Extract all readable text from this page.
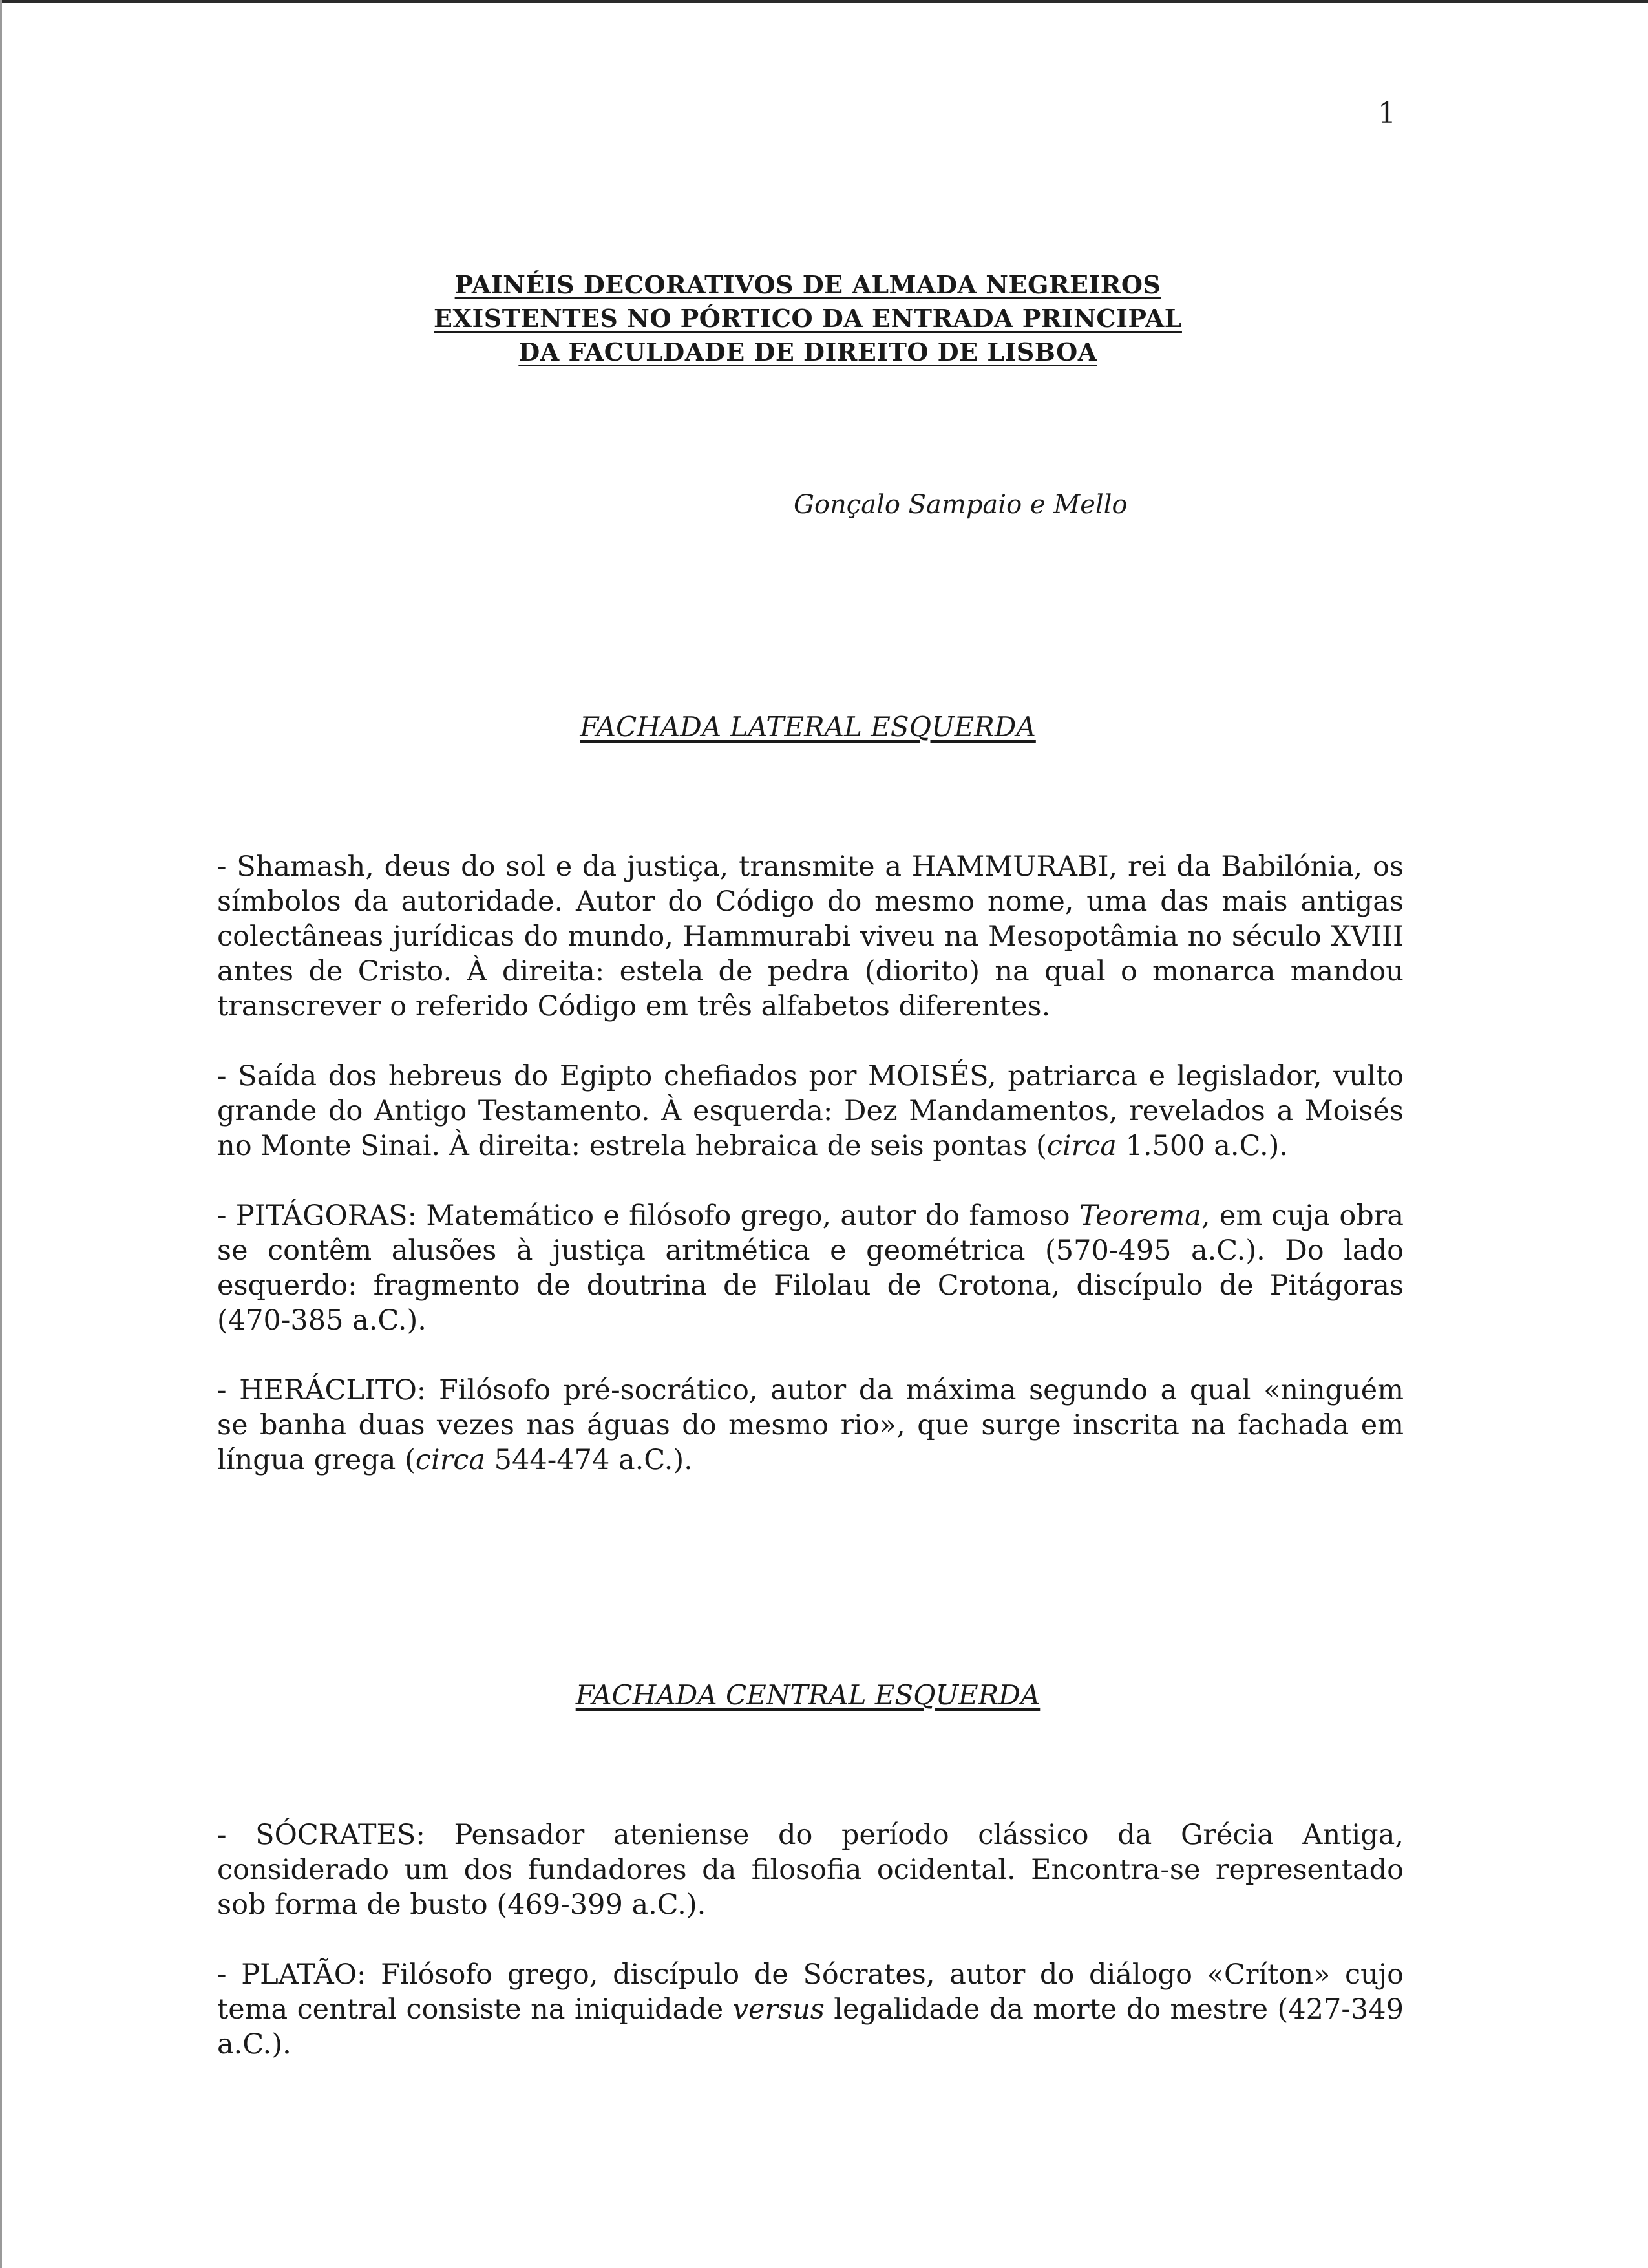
1
PAINÉIS DECORATIVOS DE ALMADA NEGREIROS
EXISTENTES NO PÓRTICO DA ENTRADA PRINCIPAL
DA FACULDADE DE DIREITO DE LISBOA
Gonçalo Sampaio e Mello
FACHADA LATERAL ESQUERDA

- Shamash, deus do sol e da justiça, transmite a HAMMURABI, rei da Babilónia, os símbolos da autoridade. Autor do Código do mesmo nome, uma das mais antigas colectâneas jurídicas do mundo, Hammurabi viveu na Mesopotâmia no século XVIII antes de Cristo. À direita: estela de pedra (diorito) na qual o monarca mandou transcrever o referido Código em três alfabetos diferentes.

- Saída dos hebreus do Egipto chefiados por MOISÉS, patriarca e legislador, vulto grande do Antigo Testamento. À esquerda: Dez Mandamentos, revelados a Moisés no Monte Sinai. À direita: estrela hebraica de seis pontas (circa 1.500 a.C.).

- PITÁGORAS: Matemático e filósofo grego, autor do famoso Teorema, em cuja obra se contêm alusões à justiça aritmética e geométrica (570-495 a.C.). Do lado esquerdo: fragmento de doutrina de Filolau de Crotona, discípulo de Pitágoras (470-385 a.C.).

- HERÁCLITO: Filósofo pré-socrático, autor da máxima segundo a qual «ninguém se banha duas vezes nas águas do mesmo rio», que surge inscrita na fachada em língua grega (circa 544-474 a.C.).

FACHADA CENTRAL ESQUERDA

- SÓCRATES: Pensador ateniense do período clássico da Grécia Antiga, considerado um dos fundadores da filosofia ocidental. Encontra-se representado sob forma de busto (469-399 a.C.).

- PLATÃO: Filósofo grego, discípulo de Sócrates, autor do diálogo «Críton» cujo tema central consiste na iniquidade versus legalidade da morte do mestre (427-349 a.C.).
